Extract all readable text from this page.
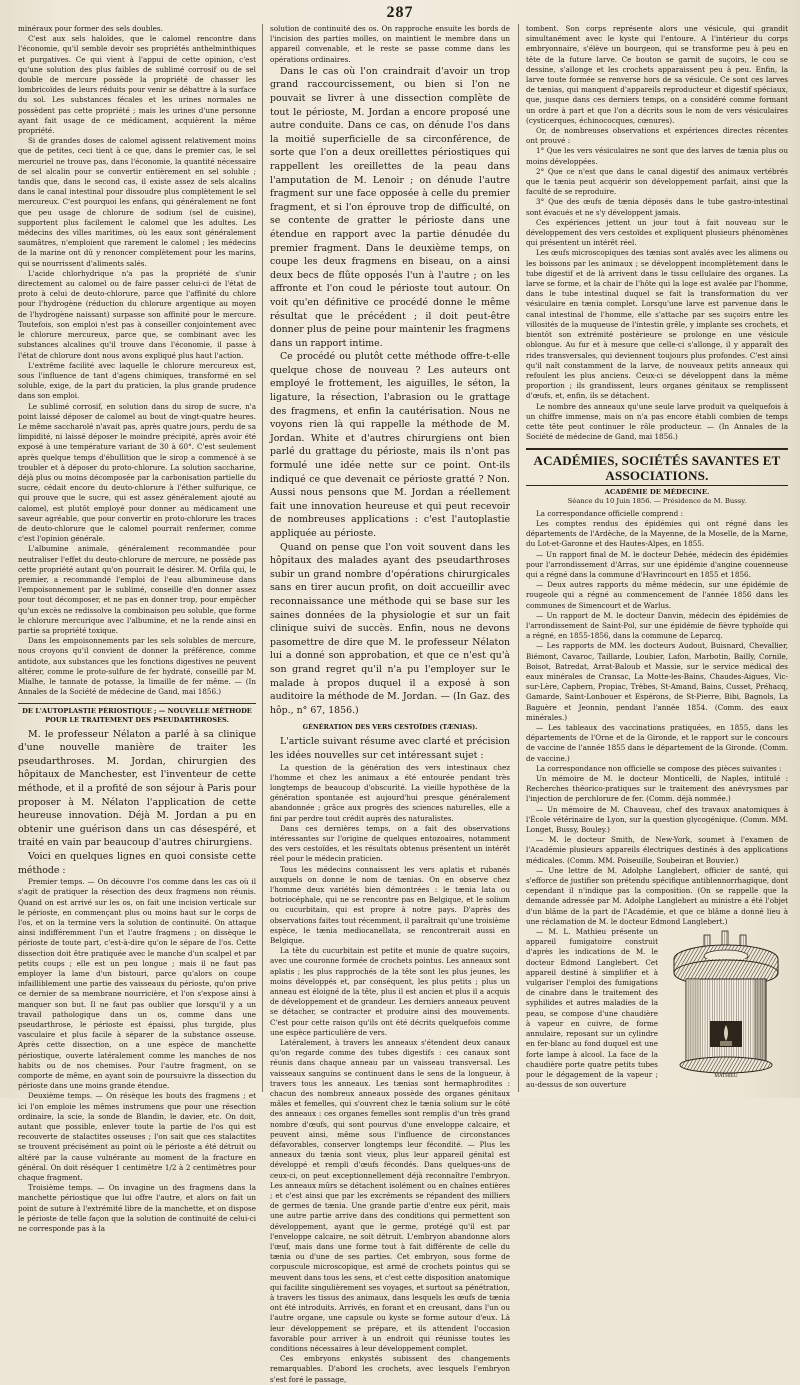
287

minéraux pour former des sels doubles.

C'est aux sels haloïdes, que le calomel rencontre dans l'économie, qu'il semble devoir ses propriétés anthelminthiques et purgatives. Ce qui vient à l'appui de cette opinion, c'est qu'une solution des plus faibles de sublimé corrosif ou de sel double de mercure possède la propriété de chasser les lombricoïdes de leurs réduits pour venir se débattre à la surface du sol. Les substances fécales et les urines normales ne possèdent pas cette propriété ; mais les urines d'une personne ayant fait usage de ce médicament, acquièrent la même propriété.

Si de grandes doses de calomel agissent relativement moins que de petites, ceci tient à ce que, dans le premier cas, le sel mercuriel ne trouve pas, dans l'économie, la quantité nécessaire de sel alcalin pour se convertir entièrement en sel soluble ; tandis que, dans le second cas, il existe assez de sels alcalins dans le canal intestinal pour dissoudre plus complètement le sel mercureux. C'est pourquoi les enfans, qui généralement ne font que peu usage de chlorure de sodium (sel de cuisine), supportent plus facilement le calomel que les adultes. Les médecins des villes maritimes, où les eaux sont généralement saumâtres, n'emploient que rarement le calomel ; les médecins de la marine ont dû y renoncer complètement pour les marins, qui se nourrissent d'aliments salés.

L'acide chlorhydrique n'a pas la propriété de s'unir directement au calomel ou de faire passer celui-ci de l'état de proto à celui de deuto-chlorure, parce que l'affinité du chlore pour l'hydrogène (réduction du chlorure argentique au moyen de l'hydrogène naissant) surpasse son affinité pour le mercure. Toutefois, son emploi n'est pas à conseiller conjointement avec le chlorure mercureux, parce que, se combinant avec les substances alcalines qu'il trouve dans l'économie, il passe à l'état de chlorure dont nous avons expliqué plus haut l'action.

L'extrême facilité avec laquelle le chlorure mercureux est, sous l'influence de tant d'agens chimiques, transformé en sel soluble, exige, de la part du praticien, la plus grande prudence dans son emploi.

Le sublimé corrosif, en solution dans du sirop de sucre, n'a point laissé déposer de calomel au bout de vingt-quatre heures. Le même saccharolé n'avait pas, après quatre jours, perdu de sa limpidité, ni laissé déposer le moindre précipité, après avoir été exposé à une température variant de 30 à 60°. C'est seulement après quelque temps d'ébullition que le sirop a commencé à se troubler et à déposer du proto-chlorure. La solution saccharine, déjà plus ou moins décomposée par la carbonisation partielle du sucre, cédait encore du deuto-chlorure à l'éther sulfurique, ce qui prouve que le sucre, qui est assez généralement ajouté au calomel, est plutôt employé pour donner au médicament une saveur agréable, que pour convertir en proto-chlorure les traces de deuto-chlorure que le calomel pourrait renfermer, comme c'est l'opinion générale.

L'albumine animale, généralement recommandée pour neutraliser l'effet du deuto-chlorure de mercure, ne possède pas cette propriété autant qu'on pourrait le désirer. M. Orfila qui, le premier, a recommandé l'emploi de l'eau albumineuse dans l'empoisonnement par le sublimé, conseille d'en donner assez pour tout décomposer, et ne pas en donner trop, pour empêcher qu'un excès ne redissolve la combinaison peu soluble, que forme le chlorure mercurique avec l'albumine, et ne la rende ainsi en partie sa propriété toxique.

Dans les empoisonnements par les sels solubles de mercure, nous croyons qu'il convient de donner la préférence, comme antidote, aux substances que les fonctions digestives ne peuvent altérer, comme le proto-sulfure de fer hydraté, conseillé par M. Mialhe, le tannate de potasse, la limaille de fer même. — (In Annales de la Société de médecine de Gand, mai 1856.)

DE L'AUTOPLASTIE PÉRIOSTIQUE ; — NOUVELLE MÉTHODE POUR LE TRAITEMENT DES PSEUDARTHROSES.

M. le professeur Nélaton a parlé à sa clinique d'une nouvelle manière de traiter les pseudarthroses. M. Jordan, chirurgien des hôpitaux de Manchester, est l'inventeur de cette méthode, et il a profité de son séjour à Paris pour proposer à M. Nélaton l'application de cette heureuse innovation. Déjà M. Jordan a pu en obtenir une guérison dans un cas désespéré, et traité en vain par beaucoup d'autres chirurgiens.

Voici en quelques lignes en quoi consiste cette méthode :

Premier temps. — On découvre l'os comme dans les cas où il s'agit de pratiquer la résection des deux fragmens non réunis. Quand on est arrivé sur les os, on fait une incision verticale sur le périoste, en commençant plus ou moins haut sur le corps de l'os, et on la termine vers la solution de continuité. On attaque ainsi indifféremment l'un et l'autre fragmens ; on dissèque le périoste de toute part, c'est-à-dire qu'on le sépare de l'os. Cette dissection doit être pratiquée avec le manche d'un scalpel et par petits coups ; elle est un peu longue ; mais il ne faut pas employer la lame d'un bistouri, parce qu'alors on coupe infailliblement une partie des vaisseaux du périoste, qu'on prive ce dernier de sa membrane nourricière, et l'on s'expose ainsi à manquer son but. Il ne faut pas oublier que lorsqu'il y a un travail pathologique dans un os, comme dans une pseudarthrose, le périoste est épaissi, plus turgide, plus vasculaire et plus facile à séparer de la substance osseuse. Après cette dissection, on a une espèce de manchette périostique, ouverte latéralement comme les manches de nos habits ou de nos chemises. Pour l'autre fragment, on se comporte de même, en ayant soin de poursuivre la dissection du périoste dans une moins grande étendue.

Deuxième temps. — On résèque les bouts des fragmens ; et ici l'on emploie les mêmes instrumens que pour une résection ordinaire, la scie, la sonde de Blandin, le davier, etc. On doit, autant que possible, enlever toute la partie de l'os qui est recouverte de stalactites osseuses ; l'on sait que ces stalactites se trouvent précisément au point où le périoste a été détruit ou altéré par la cause vulnérante au moment de la fracture en général. On doit réséquer 1 centimètre 1/2 à 2 centimètres pour chaque fragment.

Troisième temps. — On invagine un des fragmens dans la manchette périostique que lui offre l'autre, et alors on fait un point de suture à l'extrémité libre de la manchette, et on dispose le périoste de telle façon que la solution de continuité de celui-ci ne corresponde pas à la

solution de continuité des os. On rapproche ensuite les bords de l'incision des parties molles, on maintient le membre dans un appareil convenable, et le reste se passe comme dans les opérations ordinaires.

Dans le cas où l'on craindrait d'avoir un trop grand raccourcissement, ou bien si l'on ne pouvait se livrer à une dissection complète de tout le périoste, M. Jordan a encore proposé une autre conduite. Dans ce cas, on dénude l'os dans la moitié superficielle de sa circonférence, de sorte que l'on a deux oreillettes périostiques qui rappellent les oreillettes de la peau dans l'amputation de M. Lenoir ; on dénude l'autre fragment sur une face opposée à celle du premier fragment, et si l'on éprouve trop de difficulté, on se contente de gratter le périoste dans une étendue en rapport avec la partie dénudée du premier fragment. Dans le deuxième temps, on coupe les deux fragmens en biseau, on a ainsi deux becs de flûte opposés l'un à l'autre ; on les affronte et l'on coud le périoste tout autour. On voit qu'en définitive ce procédé donne le même résultat que le précédent ; il doit peut-être donner plus de peine pour maintenir les fragmens dans un rapport intime.

Ce procédé ou plutôt cette méthode offre-t-elle quelque chose de nouveau ? Les auteurs ont employé le frottement, les aiguilles, le séton, la ligature, la résection, l'abrasion ou le grattage des fragmens, et enfin la cautérisation. Nous ne voyons rien là qui rappelle la méthode de M. Jordan. White et d'autres chirurgiens ont bien parlé du grattage du périoste, mais ils n'ont pas formulé une idée nette sur ce point. Ont-ils indiqué ce que devenait ce périoste gratté ? Non. Aussi nous pensons que M. Jordan a réellement fait une innovation heureuse et qui peut recevoir de nombreuses applications : c'est l'autoplastie appliquée au périoste.

Quand on pense que l'on voit souvent dans les hôpitaux des malades ayant des pseudarthroses subir un grand nombre d'opérations chirurgicales sans en tirer aucun profit, on doit accueillir avec reconnaissance une méthode qui se base sur les saines données de la physiologie et sur un fait clinique suivi de succès. Enfin, nous ne devons pasomettre de dire que M. le professeur Nélaton lui a donné son approbation, et que ce n'est qu'à son grand regret qu'il n'a pu l'employer sur le malade à propos duquel il a exposé à son auditoire la méthode de M. Jordan. — (In Gaz. des hôp., n° 67, 1856.)

GÉNÉRATION DES VERS CESTOÏDES (TÆNIAS).

L'article suivant résume avec clarté et précision les idées nouvelles sur cet intéressant sujet :

La question de la génération des vers intestinaux chez l'homme et chez les animaux a été entourée pendant très longtemps de beaucoup d'obscurité. La vieille hypothèse de la génération spontanée est aujourd'hui presque généralement abandonnée ; grâce aux progrès des sciences naturelles, elle a fini par perdre tout crédit auprès des naturalistes.

Dans ces dernières temps, on a fait des observations intéressantes sur l'origine de quelques entozoaires, notamment des vers cestoïdes, et les résultats obtenus présentent un intérêt réel pour le médecin praticien.

Tous les médecins connaissent les vers aplatis et rubanés auxquels on donne le nom de tænias. On en observe chez l'homme deux variétés bien démontrées : le tænia lata ou botriocéphale, qui ne se rencontre pas en Belgique, et le solium ou cucurbitain, qui est propre à notre pays. D'après des observations faites tout récemment, il paraîtrait qu'une troisième espèce, le tænia mediocanellata, se rencontrerait aussi en Belgique.

La tête du cucurbitain est petite et munie de quatre suçoirs, avec une couronne formée de crochets pointus. Les anneaux sont aplatis ; les plus rapprochés de la tête sont les plus jeunes, les moins développés et, par conséquent, les plus petits ; plus un anneau est éloigné de la tête, plus il est ancien et plus il a acquis de développement et de grandeur. Les derniers anneaux peuvent se détacher, se contracter et produire ainsi des mouvements. C'est pour cette raison qu'ils ont été décrits quelquefois comme une espèce particulière de vers.

Latéralement, à travers les anneaux s'étendent deux canaux qu'on regarde comme des tubes digestifs : ces canaux sont réunis dans chaque anneau par un vaisseau transversal. Les vaisseaux sanguins se continuent dans le sens de la longueur, à travers tous les anneaux. Les tænias sont hermaphrodites : chacun des nombreux anneaux possède des organes génitaux mâles et femelles, qui s'ouvrent chez le tænia solium sur le côté des anneaux : ces organes femelles sont remplis d'un très grand nombre d'œufs, qui sont pourvus d'une enveloppe calcaire, et peuvent ainsi, même sous l'influence de circonstances défavorables, conserver longtemps leur fécondité. — Plus les anneaux du tænia sont vieux, plus leur appareil génital est développé et rempli d'œufs fécondés. Dans quelques-uns de ceux-ci, on peut exceptionnellement déjà reconnaître l'embryon. Les anneaux mûrs se détachent isolément ou en chaînes entières ; et c'est ainsi que par les excréments se répandent des milliers de germes de tænia. Une grande partie d'entre eux périt, mais une autre partie arrive dans des conditions qui permettent son développement, ayant que le germe, protégé qu'il est par l'enveloppe calcaire, ne soit détruit. L'embryon abandonne alors l'œuf, mais dans une forme tout à fait différente de celle du tænia ou d'une de ses parties. Cet embryon, sous forme de corpuscule microscopique, est armé de crochets pointus qui se meuvent dans tous les sens, et c'est cette disposition anatomique qui facilite singulièrement ses voyages, et surtout sa pénétration, à travers les tissus des animaux, dans lesquels les œufs de tænia ont été introduits. Arrivés, en forant et en creusant, dans l'un ou l'autre organe, une capsule ou kyste se forme autour d'eux. Là leur développement se prépare, et ils attendent l'occasion favorable pour arriver à un endroit qui réunisse toutes les conditions nécessaires à leur développement complet.

Ces embryons enkystés subissent des changements remarquables. D'abord les crochets, avec lesquels l'embryon s'est foré le passage,

tombent. Son corps représente alors une vésicule, qui grandit simultanément avec le kyste qui l'entoure. A l'intérieur du corps embryonnaire, s'élève un bourgeon, qui se transforme peu à peu en tête de la future larve. Ce bouton se garnit de suçoirs, le cou se dessine, s'allonge et les crochets apparaissent peu à peu. Enfin, la larve toute formée se renverse hors de sa vésicule. Ce sont ces larves de tænias, qui manquent d'appareils reproducteur et digestif spéciaux, que, jusque dans ces derniers temps, on a considéré comme formant un ordre à part et que l'on a décrits sous le nom de vers vésiculaires (cysticerques, échinococques, cœnures).

Or, de nombreuses observations et expériences directes récentes ont prouvé :

1° Que les vers vésiculaires ne sont que des larves de tænia plus ou moins développées.

2° Que ce n'est que dans le canal digestif des animaux vertébrés que le tænia peut acquérir son développement parfait, ainsi que la faculté de se reproduire.

3° Que des œufs de tænia déposés dans le tube gastro-intestinal sont évacués et ne s'y développent jamais.

Ces expériences jettent un jour tout à fait nouveau sur le développement des vers cestoïdes et expliquent plusieurs phénomènes qui présentent un intérêt réel.

Les œufs microscopiques des tænias sont avalés avec les alimens ou les boissons par les animaux ; se développent incomplètement dans le tube digestif et de là arrivent dans le tissu cellulaire des organes. La larve se forme, et la chair de l'hôte qui la loge est avalée par l'homme, dans le tube intestinal duquel se fait la transformation du ver vésiculaire en tænia complet. Lorsqu'une larve est parvenue dans le canal intestinal de l'homme, elle s'attache par ses suçoirs entre les villosités de la muqueuse de l'intestin grêle, y implante ses crochets, et bientôt son extrémité postérieure se prolonge en une vésicule oblongue. Au fur et à mesure que celle-ci s'allonge, il y apparaît des rides transversales, qui deviennent toujours plus profondes. C'est ainsi qu'il naît constamment de la larve, de nouveaux petits anneaux qui refoulent les plus anciens. Ceux-ci se développent dans la même proportion ; ils grandissent, leurs organes génitaux se remplissent d'œufs, et, enfin, ils se détachent.

Le nombre des anneaux qu'une seule larve produit va quelquefois à un chiffre immense, mais on n'a pas encore établi combien de temps cette tête peut continuer le rôle producteur. — (In Annales de la Société de médecine de Gand, mai 1856.)

ACADÉMIES, SOCIÉTÉS SAVANTES ET ASSOCIATIONS.
ACADÉMIE DE MÉDECINE.
Séance du 10 Juin 1856. — Présidence de M. Bussy.

La correspondance officielle comprend :

Les comptes rendus des épidémies qui ont régné dans les départements de l'Ardèche, de la Mayenne, de la Moselle, de la Marne, du Lot-et-Garonne et des Hautes-Alpes, en 1855.

— Un rapport final de M. le docteur Dehée, médecin des épidémies pour l'arrondissement d'Arras, sur une épidémie d'angine couenneuse qui a régné dans la commune d'Havrincourt en 1855 et 1856.

— Deux autres rapports du même médecin, sur une épidémie de rougeole qui a régné au commencement de l'année 1856 dans les communes de Simencourt et de Warlus.

— Un rapport de M. le docteur Danvin, médecin des épidémies de l'arrondissement de Saint-Pol, sur une épidémie de fièvre typhoïde qui a régné, en 1855-1856, dans la commune de Leparcq.

— Les rapports de MM. les docteurs Audout, Buisnard, Chevallier, Biémont, Cavaroc, Taillarde, Loubier, Lafon, Marbotin, Bailly, Cornile, Boisot, Batredat, Arrat-Baloub et Massie, sur le service médical des eaux minérales de Cransac, La Motte-les-Bains, Chaudes-Aigues, Vic-sur-Lère, Capbern, Propiac, Trèbes, St-Amand, Bains, Cusset, Préhacq, Gamarde, Saint-Lonbouer et Espérons, de St-Pierre, Bibi, Bagnols, La Baguère et Jeonnin, pendant l'année 1854. (Comm. des eaux minérales.)

— Les tableaux des vaccinations pratiquées, en 1855, dans les départements de l'Orne et de la Gironde, et le rapport sur le concours de vaccine de l'année 1855 dans le département de la Gironde. (Comm. de vaccine.)

La correspondance non officielle se compose des pièces suivantes :

Un mémoire de M. le docteur Monticelli, de Naples, intitulé : Recherches théorico-pratiques sur le traitement des anévrysmes par l'injection de perchlorure de fer. (Comm. déjà nommée.)

— Un mémoire de M. Chauveau, chef des travaux anatomiques à l'École vétérinaire de Lyon, sur la question glycogénique. (Comm. MM. Longet, Bussy, Bouley.)

— M. le docteur Smith, de New-York, soumet à l'examen de l'Académie plusieurs appareils électriques destinés à des applications médicales. (Comm. MM. Poiseuille, Soubeiran et Bouvier.)

— Une lettre de M. Adolphe Langlebert, officier de santé, qui s'efforce de justifier son prétendu spécifique antiblennorrhagique, dont cependant il n'indique pas la composition. (On se rappelle que la demande adressée par M. Adolphe Langlebert au ministre a été l'objet d'un blâme de la part de l'Académie, et que ce blâme a donné lieu à une réclamation de M. le docteur Edmond Langlebert.)

MATHIEU

— M. L. Mathieu présente un appareil fumigatoire construit d'après les indications de M. le docteur Edmond Langlebert. Cet appareil destiné à simplifier et à vulgariser l'emploi des fumigations de cinabre dans le traitement des syphilides et autres maladies de la peau, se compose d'une chaudière à vapeur en cuivre, de forme annulaire, reposant sur un cylindre en fer-blanc au fond duquel est une forte lampe à alcool. La face de la chaudière porte quatre petits tubes pour le dégagement de la vapeur ; au-dessus de son ouverture
